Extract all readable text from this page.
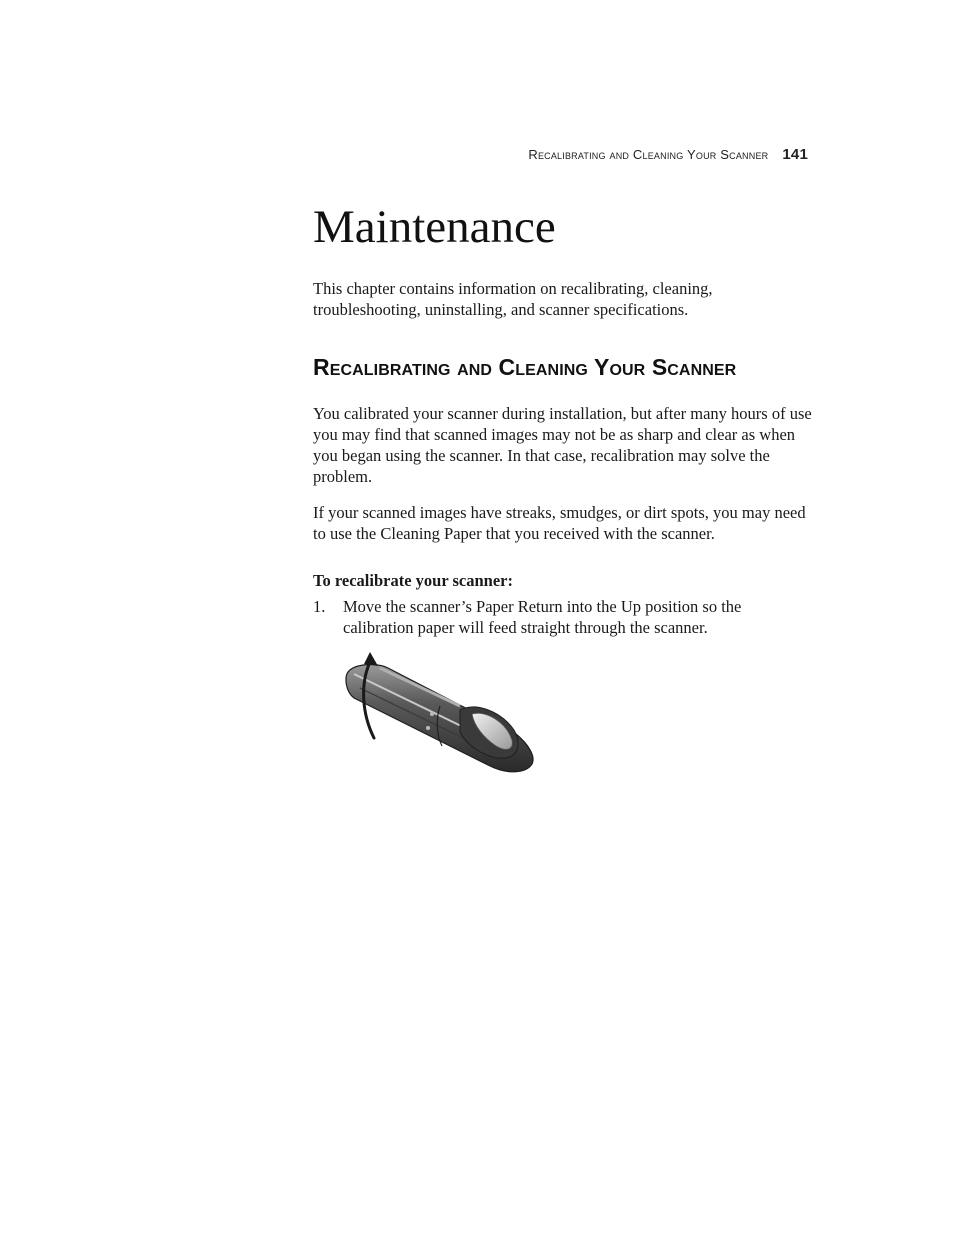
Recalibrating and Cleaning Your Scanner 141
Maintenance

This chapter contains information on recalibrating, cleaning, troubleshooting, uninstalling, and scanner specifications.

Recalibrating and Cleaning Your Scanner

You calibrated your scanner during installation, but after many hours of use you may find that scanned images may not be as sharp and clear as when you began using the scanner. In that case, recalibration may solve the problem.

If your scanned images have streaks, smudges, or dirt spots, you may need to use the Cleaning Paper that you received with the scanner.

To recalibrate your scanner:

1. Move the scanner’s Paper Return into the Up position so the calibration paper will feed straight through the scanner.
